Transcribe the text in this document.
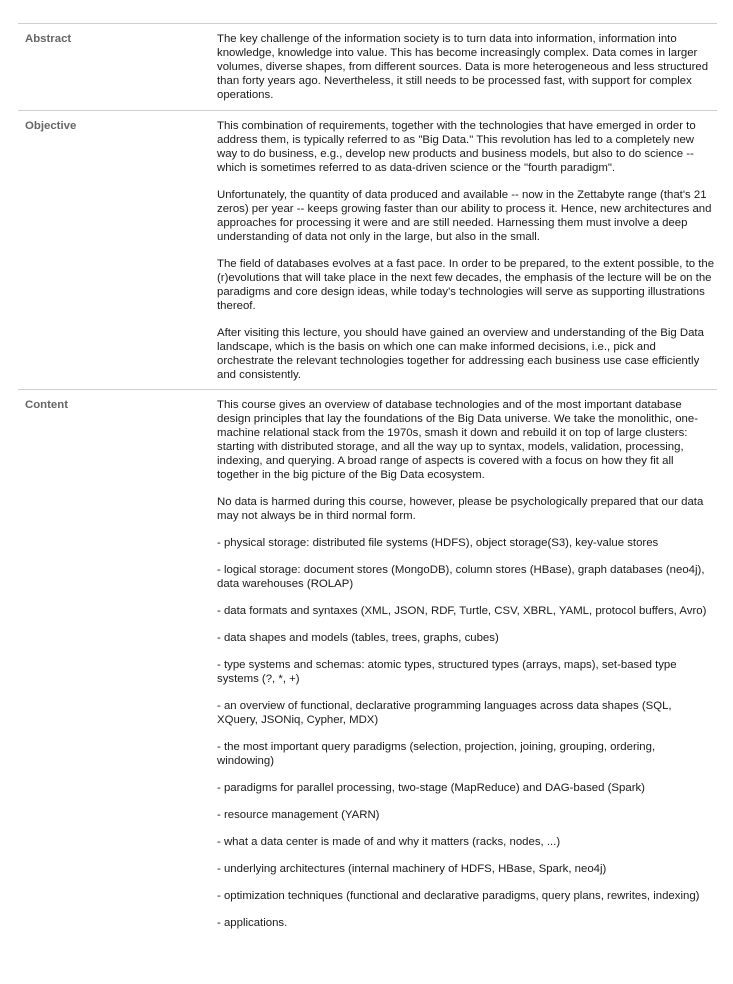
Abstract	The key challenge of the information society is to turn data into information, information into knowledge, knowledge into value. This has become increasingly complex. Data comes in larger volumes, diverse shapes, from different sources. Data is more heterogeneous and less structured than forty years ago. Nevertheless, it still needs to be processed fast, with support for complex operations.

Objective	This combination of requirements, together with the technologies that have emerged in order to address them, is typically referred to as "Big Data." This revolution has led to a completely new way to do business, e.g., develop new products and business models, but also to do science -- which is sometimes referred to as data-driven science or the "fourth paradigm".

Unfortunately, the quantity of data produced and available -- now in the Zettabyte range (that's 21 zeros) per year -- keeps growing faster than our ability to process it. Hence, new architectures and approaches for processing it were and are still needed. Harnessing them must involve a deep understanding of data not only in the large, but also in the small.

The field of databases evolves at a fast pace. In order to be prepared, to the extent possible, to the (r)evolutions that will take place in the next few decades, the emphasis of the lecture will be on the paradigms and core design ideas, while today's technologies will serve as supporting illustrations thereof.

After visiting this lecture, you should have gained an overview and understanding of the Big Data landscape, which is the basis on which one can make informed decisions, i.e., pick and orchestrate the relevant technologies together for addressing each business use case efficiently and consistently.

Content	This course gives an overview of database technologies and of the most important database design principles that lay the foundations of the Big Data universe. We take the monolithic, one-machine relational stack from the 1970s, smash it down and rebuild it on top of large clusters: starting with distributed storage, and all the way up to syntax, models, validation, processing, indexing, and querying. A broad range of aspects is covered with a focus on how they fit all together in the big picture of the Big Data ecosystem.

No data is harmed during this course, however, please be psychologically prepared that our data may not always be in third normal form.

- physical storage: distributed file systems (HDFS), object storage(S3), key-value stores

- logical storage: document stores (MongoDB), column stores (HBase), graph databases (neo4j), data warehouses (ROLAP)

- data formats and syntaxes (XML, JSON, RDF, Turtle, CSV, XBRL, YAML, protocol buffers, Avro)

- data shapes and models (tables, trees, graphs, cubes)

- type systems and schemas: atomic types, structured types (arrays, maps), set-based type systems (?, *, +)

- an overview of functional, declarative programming languages across data shapes (SQL, XQuery, JSONiq, Cypher, MDX)

- the most important query paradigms (selection, projection, joining, grouping, ordering, windowing)

- paradigms for parallel processing, two-stage (MapReduce) and DAG-based (Spark)

- resource management (YARN)

- what a data center is made of and why it matters (racks, nodes, ...)

- underlying architectures (internal machinery of HDFS, HBase, Spark, neo4j)

- optimization techniques (functional and declarative paradigms, query plans, rewrites, indexing)

- applications.
